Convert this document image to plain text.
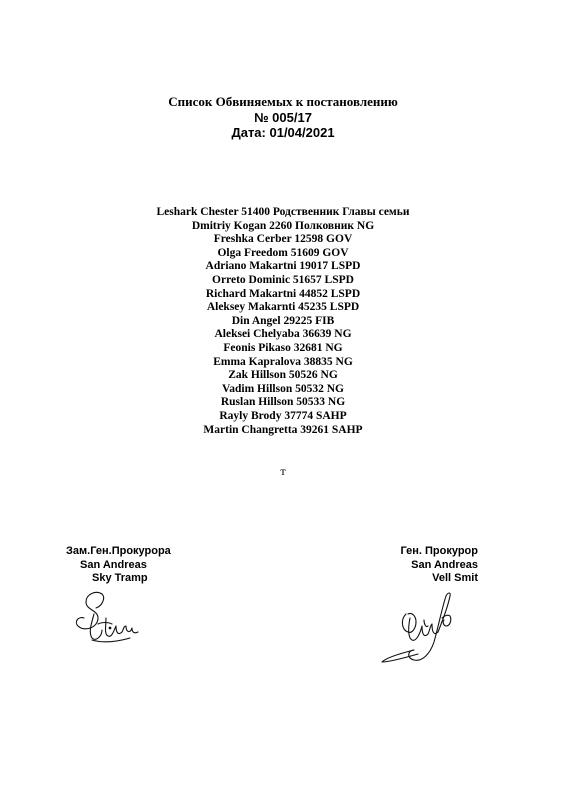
Список Обвиняемых к постановлению
№ 005/17
Дата: 01/04/2021
Leshark Chester 51400 Родственник Главы семьи
Dmitriy Kogan 2260 Полковник NG
Freshka Cerber 12598 GOV
Olga Freedom 51609 GOV
Adriano Makartni 19017 LSPD
Orreto Dominic 51657 LSPD
Richard Makartni 44852 LSPD
Aleksey Makarnti 45235 LSPD
Din Angel 29225 FIB
Aleksei Chelyaba 36639 NG
Feonis Pikaso 32681 NG
Emma Kapralova 38835 NG
Zak Hillson 50526 NG
Vadim Hillson 50532 NG
Ruslan Hillson 50533 NG
Rayly Brody 37774 SAHP
Martin Changretta 39261 SAHP
т
Зам.Ген.Прокурора
San Andreas
Sky Tramp
Ген. Прокурор
San Andreas
Vell Smit
